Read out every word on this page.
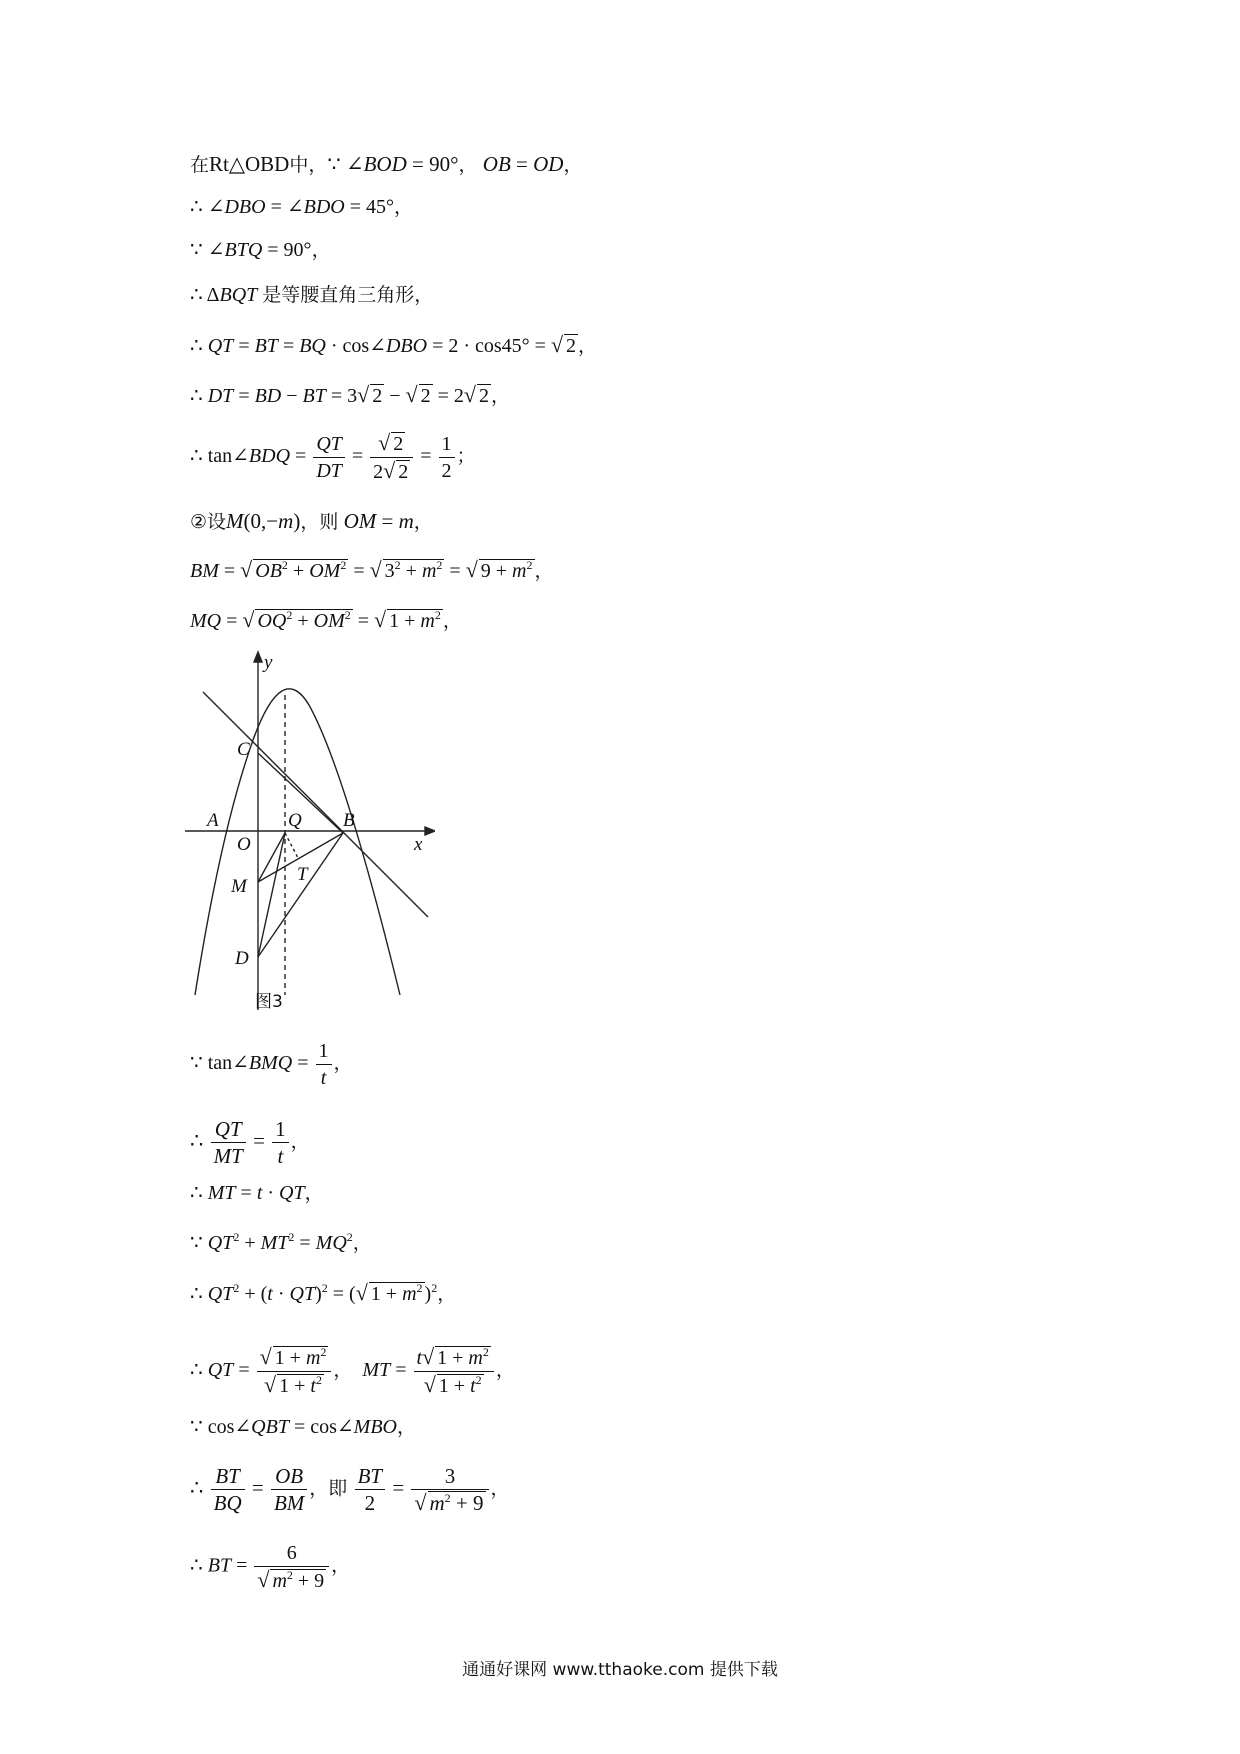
在Rt△OBD中，∵ ∠BOD = 90°， OB = OD，
∴ ∠DBO = ∠BDO = 45°，
∵ ∠BTQ = 90°，
∴ ΔBQT 是等腰直角三角形，
∴ QT = BT = BQ · cos∠DBO = 2 · cos45° = √ 2 ，
∴ DT = BD − BT = 3√ 2 − √ 2 = 2√ 2 ，
∴ tan∠BDQ = $\frac{QT}{DT} = \frac{√ 2}{2√ 2} = \frac{1}{2}$ ；
②设M(0,−m)，则 OM = m，
BM = √ $OB^2 + OM^2$ = √ $3^2 + m^2$ = √ $9 + m^2$ ，
MQ = √ $OQ^2 + OM^2$ = √ $1 + m^2$ ，
y
x
C
A	Q B
O
M
T
D
图3
∵ tan∠BMQ = $\frac{1}{t}$ ，
∴ $\frac{QT}{MT} = \frac{1}{t}$ ，
∴ MT = t · QT，
∵ $QT^2 + MT^2 = MQ^2$，
∴ $QT^2 + (t \cdot QT)^2$ = (√ $1 + m^2$ )$^2$，
∴ QT = $\frac{√ 1 + m^2}{√ 1 + t^2}$ ， MT = $\frac{t√ 1 + m^2}{√ 1 + t^2}$ ，
∵ cos∠QBT = cos∠MBO，
∴ $\frac{BT}{BQ} = \frac{OB}{BM}$ ，即 $\frac{BT}{2} = \frac{3}{√ m^2 + 9}$ ，
∴ BT = $\frac{6}{√ m^2 + 9}$ ，
通通好课网 www.tthaoke.com 提供下载
